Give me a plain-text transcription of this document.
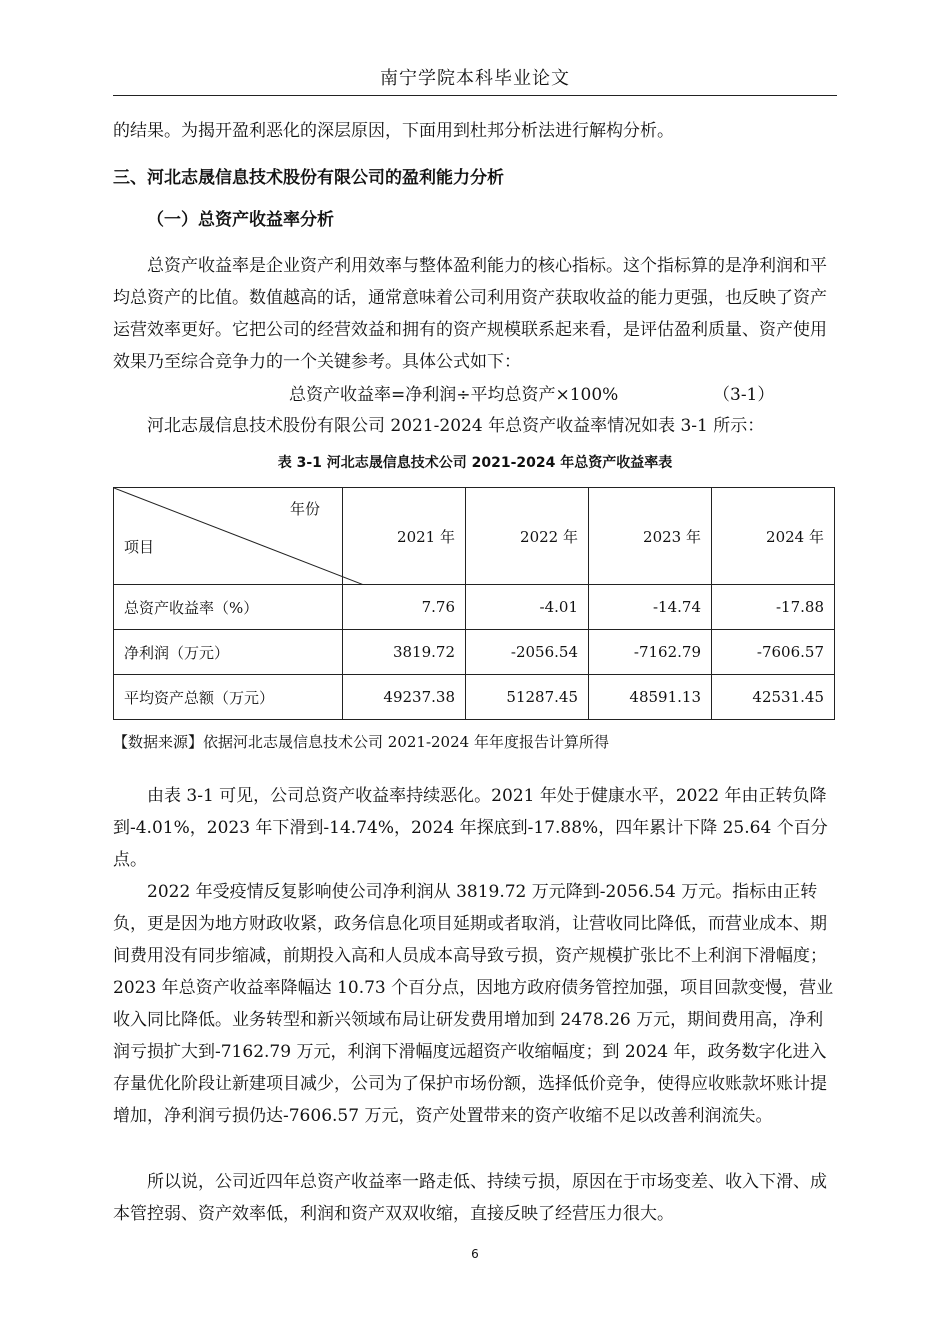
南宁学院本科毕业论文
的结果。为揭开盈利恶化的深层原因，下面用到杜邦分析法进行解构分析。
三、河北志晟信息技术股份有限公司的盈利能力分析
（一）总资产收益率分析
总资产收益率是企业资产利用效率与整体盈利能力的核心指标。这个指标算的是净利润和平均总资产的比值。数值越高的话，通常意味着公司利用资产获取收益的能力更强，也反映了资产运营效率更好。它把公司的经营效益和拥有的资产规模联系起来看，是评估盈利质量、资产使用效果乃至综合竞争力的一个关键参考。具体公式如下：
总资产收益率=净利润÷平均总资产×100%	（3-1）
河北志晟信息技术股份有限公司 2021-2024 年总资产收益率情况如表 3-1 所示：
表 3-1 河北志晟信息技术公司 2021-2024 年总资产收益率表
年份
项目	2021 年	2022 年	2023 年	2024 年
总资产收益率（%）	7.76	-4.01	-14.74	-17.88
净利润（万元）	3819.72	-2056.54	-7162.79	-7606.57
平均资产总额（万元）	49237.38	51287.45	48591.13	42531.45
【数据来源】依据河北志晟信息技术公司 2021-2024 年年度报告计算所得
由表 3-1 可见，公司总资产收益率持续恶化。2021 年处于健康水平，2022 年由正转负降到-4.01%，2023 年下滑到-14.74%，2024 年探底到-17.88%，四年累计下降 25.64 个百分点。
2022 年受疫情反复影响使公司净利润从 3819.72 万元降到-2056.54 万元。指标由正转负，更是因为地方财政收紧，政务信息化项目延期或者取消，让营收同比降低，而营业成本、期间费用没有同步缩减，前期投入高和人员成本高导致亏损，资产规模扩张比不上利润下滑幅度；2023 年总资产收益率降幅达 10.73 个百分点，因地方政府债务管控加强，项目回款变慢，营业收入同比降低。业务转型和新兴领域布局让研发费用增加到 2478.26 万元，期间费用高，净利润亏损扩大到-7162.79 万元，利润下滑幅度远超资产收缩幅度；到 2024 年，政务数字化进入存量优化阶段让新建项目减少，公司为了保护市场份额，选择低价竞争，使得应收账款坏账计提增加，净利润亏损仍达-7606.57 万元，资产处置带来的资产收缩不足以改善利润流失。
所以说，公司近四年总资产收益率一路走低、持续亏损，原因在于市场变差、收入下滑、成本管控弱、资产效率低，利润和资产双双收缩，直接反映了经营压力很大。
6
